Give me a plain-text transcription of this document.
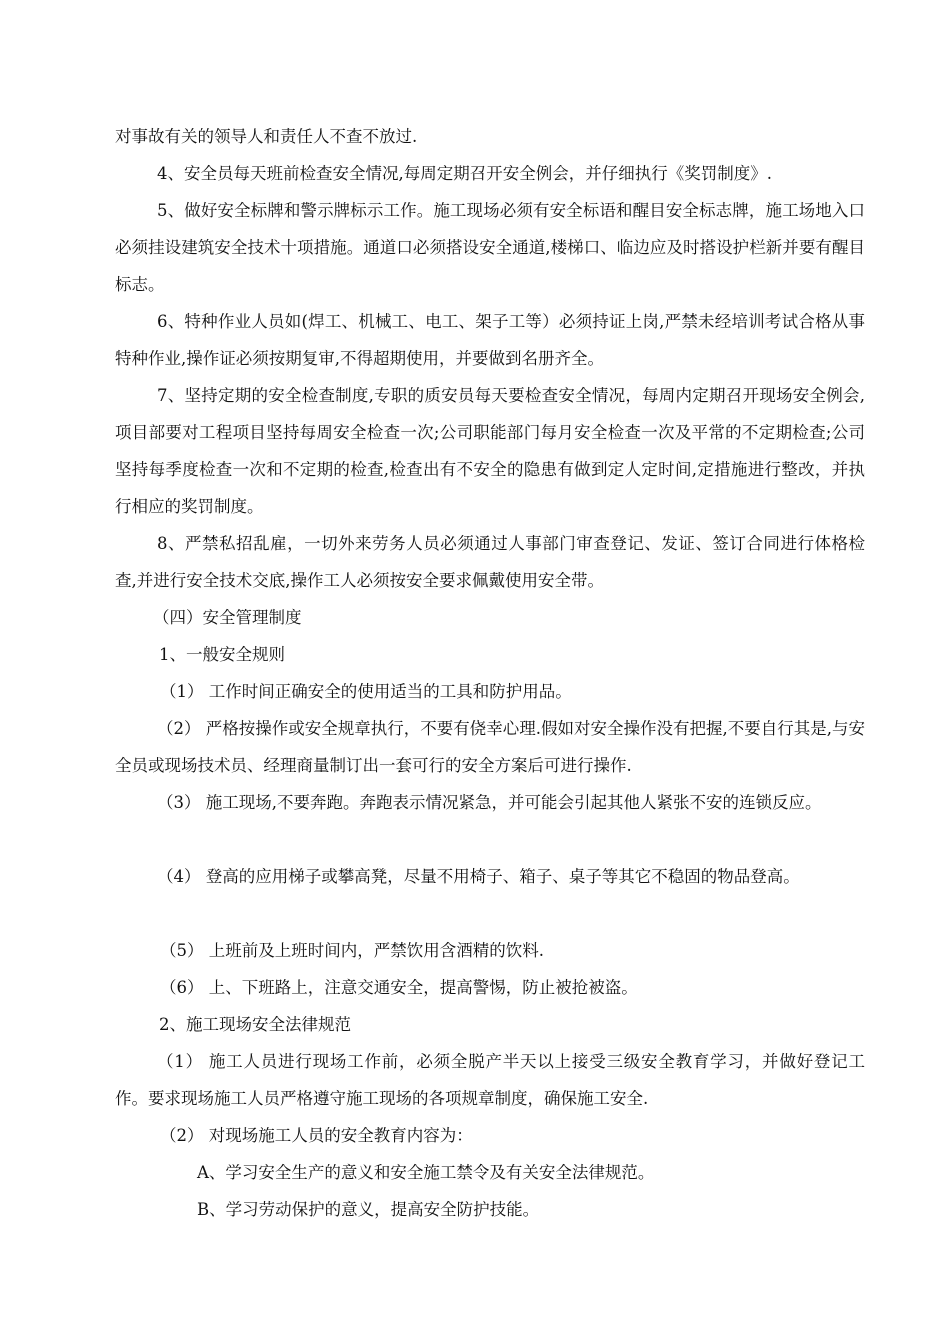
对事故有关的领导人和责任人不查不放过.

4、安全员每天班前检查安全情况,每周定期召开安全例会，并仔细执行《奖罚制度》.

5、做好安全标牌和警示牌标示工作。施工现场必须有安全标语和醒目安全标志牌，施工场地入口必须挂设建筑安全技术十项措施。通道口必须搭设安全通道,楼梯口、临边应及时搭设护栏新并要有醒目标志。

6、特种作业人员如(焊工、机械工、电工、架子工等）必须持证上岗,严禁未经培训考试合格从事特种作业,操作证必须按期复审,不得超期使用，并要做到名册齐全。

7、坚持定期的安全检查制度,专职的质安员每天要检查安全情况，每周内定期召开现场安全例会,项目部要对工程项目坚持每周安全检查一次;公司职能部门每月安全检查一次及平常的不定期检查;公司坚持每季度检查一次和不定期的检查,检查出有不安全的隐患有做到定人定时间,定措施进行整改，并执行相应的奖罚制度。

8、严禁私招乱雇，一切外来劳务人员必须通过人事部门审查登记、发证、签订合同进行体格检查,并进行安全技术交底,操作工人必须按安全要求佩戴使用安全带。

（四）安全管理制度

1、一般安全规则

（1） 工作时间正确安全的使用适当的工具和防护用品。

（2） 严格按操作或安全规章执行，不要有侥幸心理.假如对安全操作没有把握,不要自行其是,与安全员或现场技术员、经理商量制订出一套可行的安全方案后可进行操作.

（3） 施工现场,不要奔跑。奔跑表示情况紧急，并可能会引起其他人紧张不安的连锁反应。

（4） 登高的应用梯子或攀高凳，尽量不用椅子、箱子、桌子等其它不稳固的物品登高。

（5） 上班前及上班时间内，严禁饮用含酒精的饮料.

（6） 上、下班路上，注意交通安全，提高警惕，防止被抢被盗。

2、施工现场安全法律规范

（1） 施工人员进行现场工作前，必须全脱产半天以上接受三级安全教育学习，并做好登记工作。要求现场施工人员严格遵守施工现场的各项规章制度，确保施工安全.

（2） 对现场施工人员的安全教育内容为：

A、学习安全生产的意义和安全施工禁令及有关安全法律规范。

B、学习劳动保护的意义，提高安全防护技能。
